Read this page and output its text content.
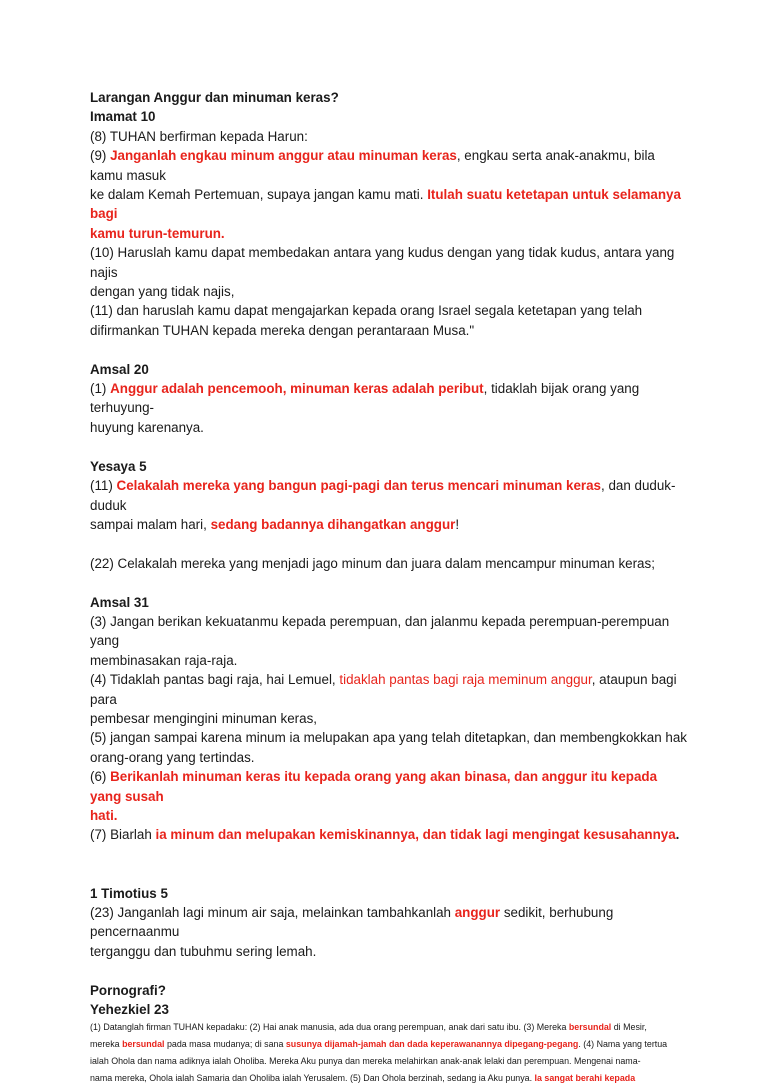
Larangan Anggur dan minuman keras?

Imamat 10

(8) TUHAN berfirman kepada Harun:

(9) Janganlah engkau minum anggur atau minuman keras, engkau serta anak-anakmu, bila kamu masuk

ke dalam Kemah Pertemuan, supaya jangan kamu mati. Itulah suatu ketetapan untuk selamanya bagi

kamu turun-temurun.

(10) Haruslah kamu dapat membedakan antara yang kudus dengan yang tidak kudus, antara yang najis

dengan yang tidak najis,

(11) dan haruslah kamu dapat mengajarkan kepada orang Israel segala ketetapan yang telah

difirmankan TUHAN kepada mereka dengan perantaraan Musa."

Amsal 20

(1) Anggur adalah pencemooh, minuman keras adalah peribut, tidaklah bijak orang yang terhuyung-

huyung karenanya.

Yesaya 5

(11) Celakalah mereka yang bangun pagi-pagi dan terus mencari minuman keras, dan duduk-duduk

sampai malam hari, sedang badannya dihangatkan anggur!

(22) Celakalah mereka yang menjadi jago minum dan juara dalam mencampur minuman keras;

Amsal 31

(3) Jangan berikan kekuatanmu kepada perempuan, dan jalanmu kepada perempuan-perempuan yang

membinasakan raja-raja.

(4) Tidaklah pantas bagi raja, hai Lemuel, tidaklah pantas bagi raja meminum anggur, ataupun bagi para

pembesar mengingini minuman keras,

(5) jangan sampai karena minum ia melupakan apa yang telah ditetapkan, dan membengkokkan hak

orang-orang yang tertindas.

(6) Berikanlah minuman keras itu kepada orang yang akan binasa, dan anggur itu kepada yang susah

hati.

(7) Biarlah ia minum dan melupakan kemiskinannya, dan tidak lagi mengingat kesusahannya.

1 Timotius 5

(23) Janganlah lagi minum air saja, melainkan tambahkanlah anggur sedikit, berhubung pencernaanmu

terganggu dan tubuhmu sering lemah.

Pornografi?

Yehezkiel 23

(1) Datanglah firman TUHAN kepadaku: (2) Hai anak manusia, ada dua orang perempuan, anak dari satu ibu. (3) Mereka bersundal di Mesir,

mereka bersundal pada masa mudanya; di sana susunya dijamah-jamah dan dada keperawanannya dipegang-pegang. (4) Nama yang tertua

ialah Ohola dan nama adiknya ialah Oholiba. Mereka Aku punya dan mereka melahirkan anak-anak lelaki dan perempuan. Mengenai nama-

nama mereka, Ohola ialah Samaria dan Oholiba ialah Yerusalem. (5) Dan Ohola berzinah, sedang ia Aku punya. Ia sangat berahi kepada
